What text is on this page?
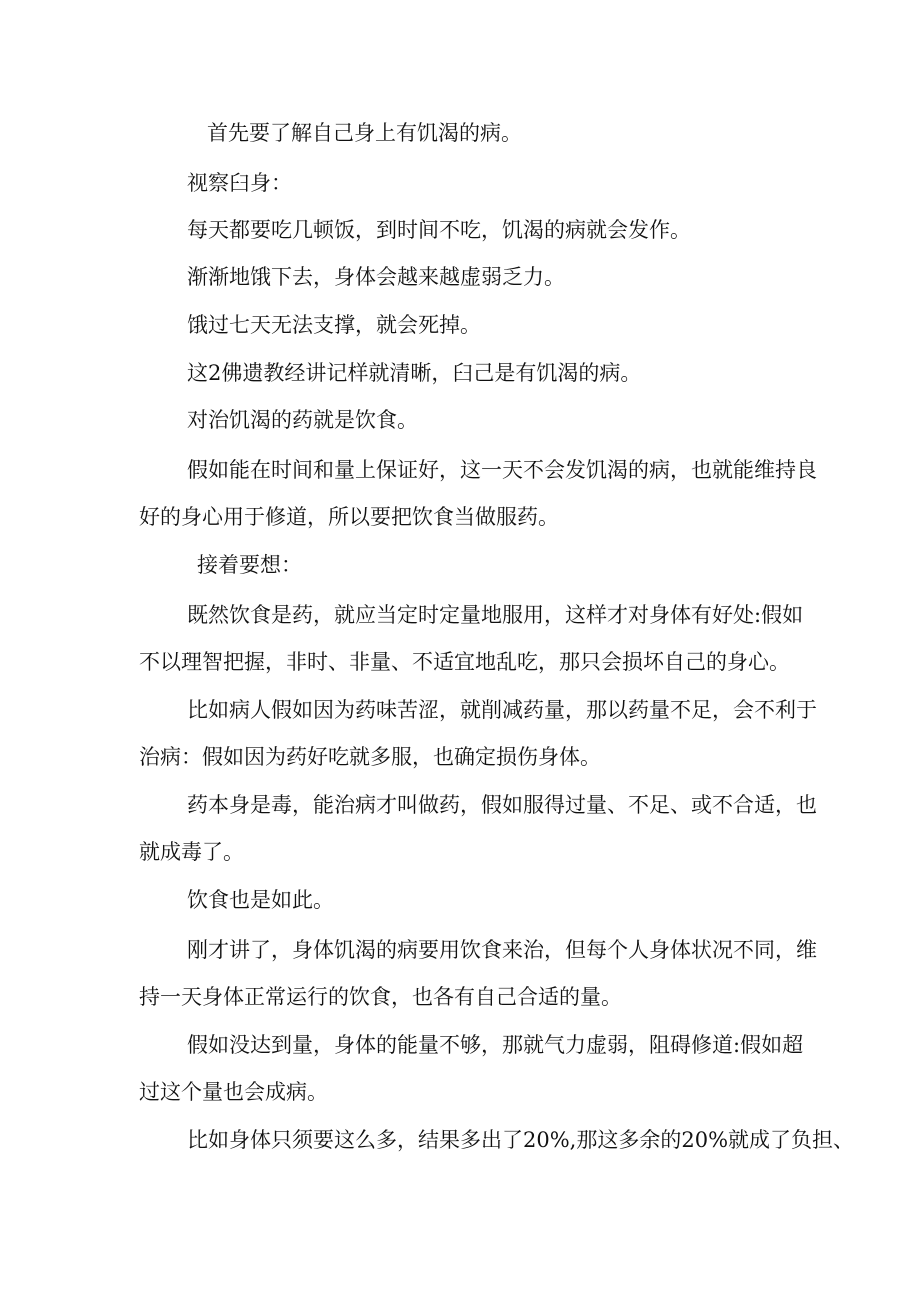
首先要了解自己身上有饥渴的病。
视察臼身：
每天都要吃几顿饭，到时间不吃，饥渴的病就会发作。
渐渐地饿下去，身体会越来越虚弱乏力。
饿过七天无法支撑，就会死掉。
这2佛遗教经讲记样就清晰，臼己是有饥渴的病。
对治饥渴的药就是饮食。
假如能在时间和量上保证好，这一天不会发饥渴的病，也就能维持良
好的身心用于修道，所以要把饮食当做服药。
接着要想：
既然饮食是药，就应当定时定量地服用，这样才对身体有好处:假如
不以理智把握，非时、非量、不适宜地乱吃，那只会损坏自己的身心。
比如病人假如因为药味苦涩，就削减药量，那以药量不足，会不利于
治病：假如因为药好吃就多服，也确定损伤身体。
药本身是毒，能治病才叫做药，假如服得过量、不足、或不合适，也
就成毒了。
饮食也是如此。
刚才讲了，身体饥渴的病要用饮食来治，但每个人身体状况不同，维
持一天身体正常运行的饮食，也各有自己合适的量。
假如没达到量，身体的能量不够，那就气力虚弱，阻碍修道:假如超
过这个量也会成病。
比如身体只须要这么多，结果多出了20%,那这多余的20%就成了负担、
